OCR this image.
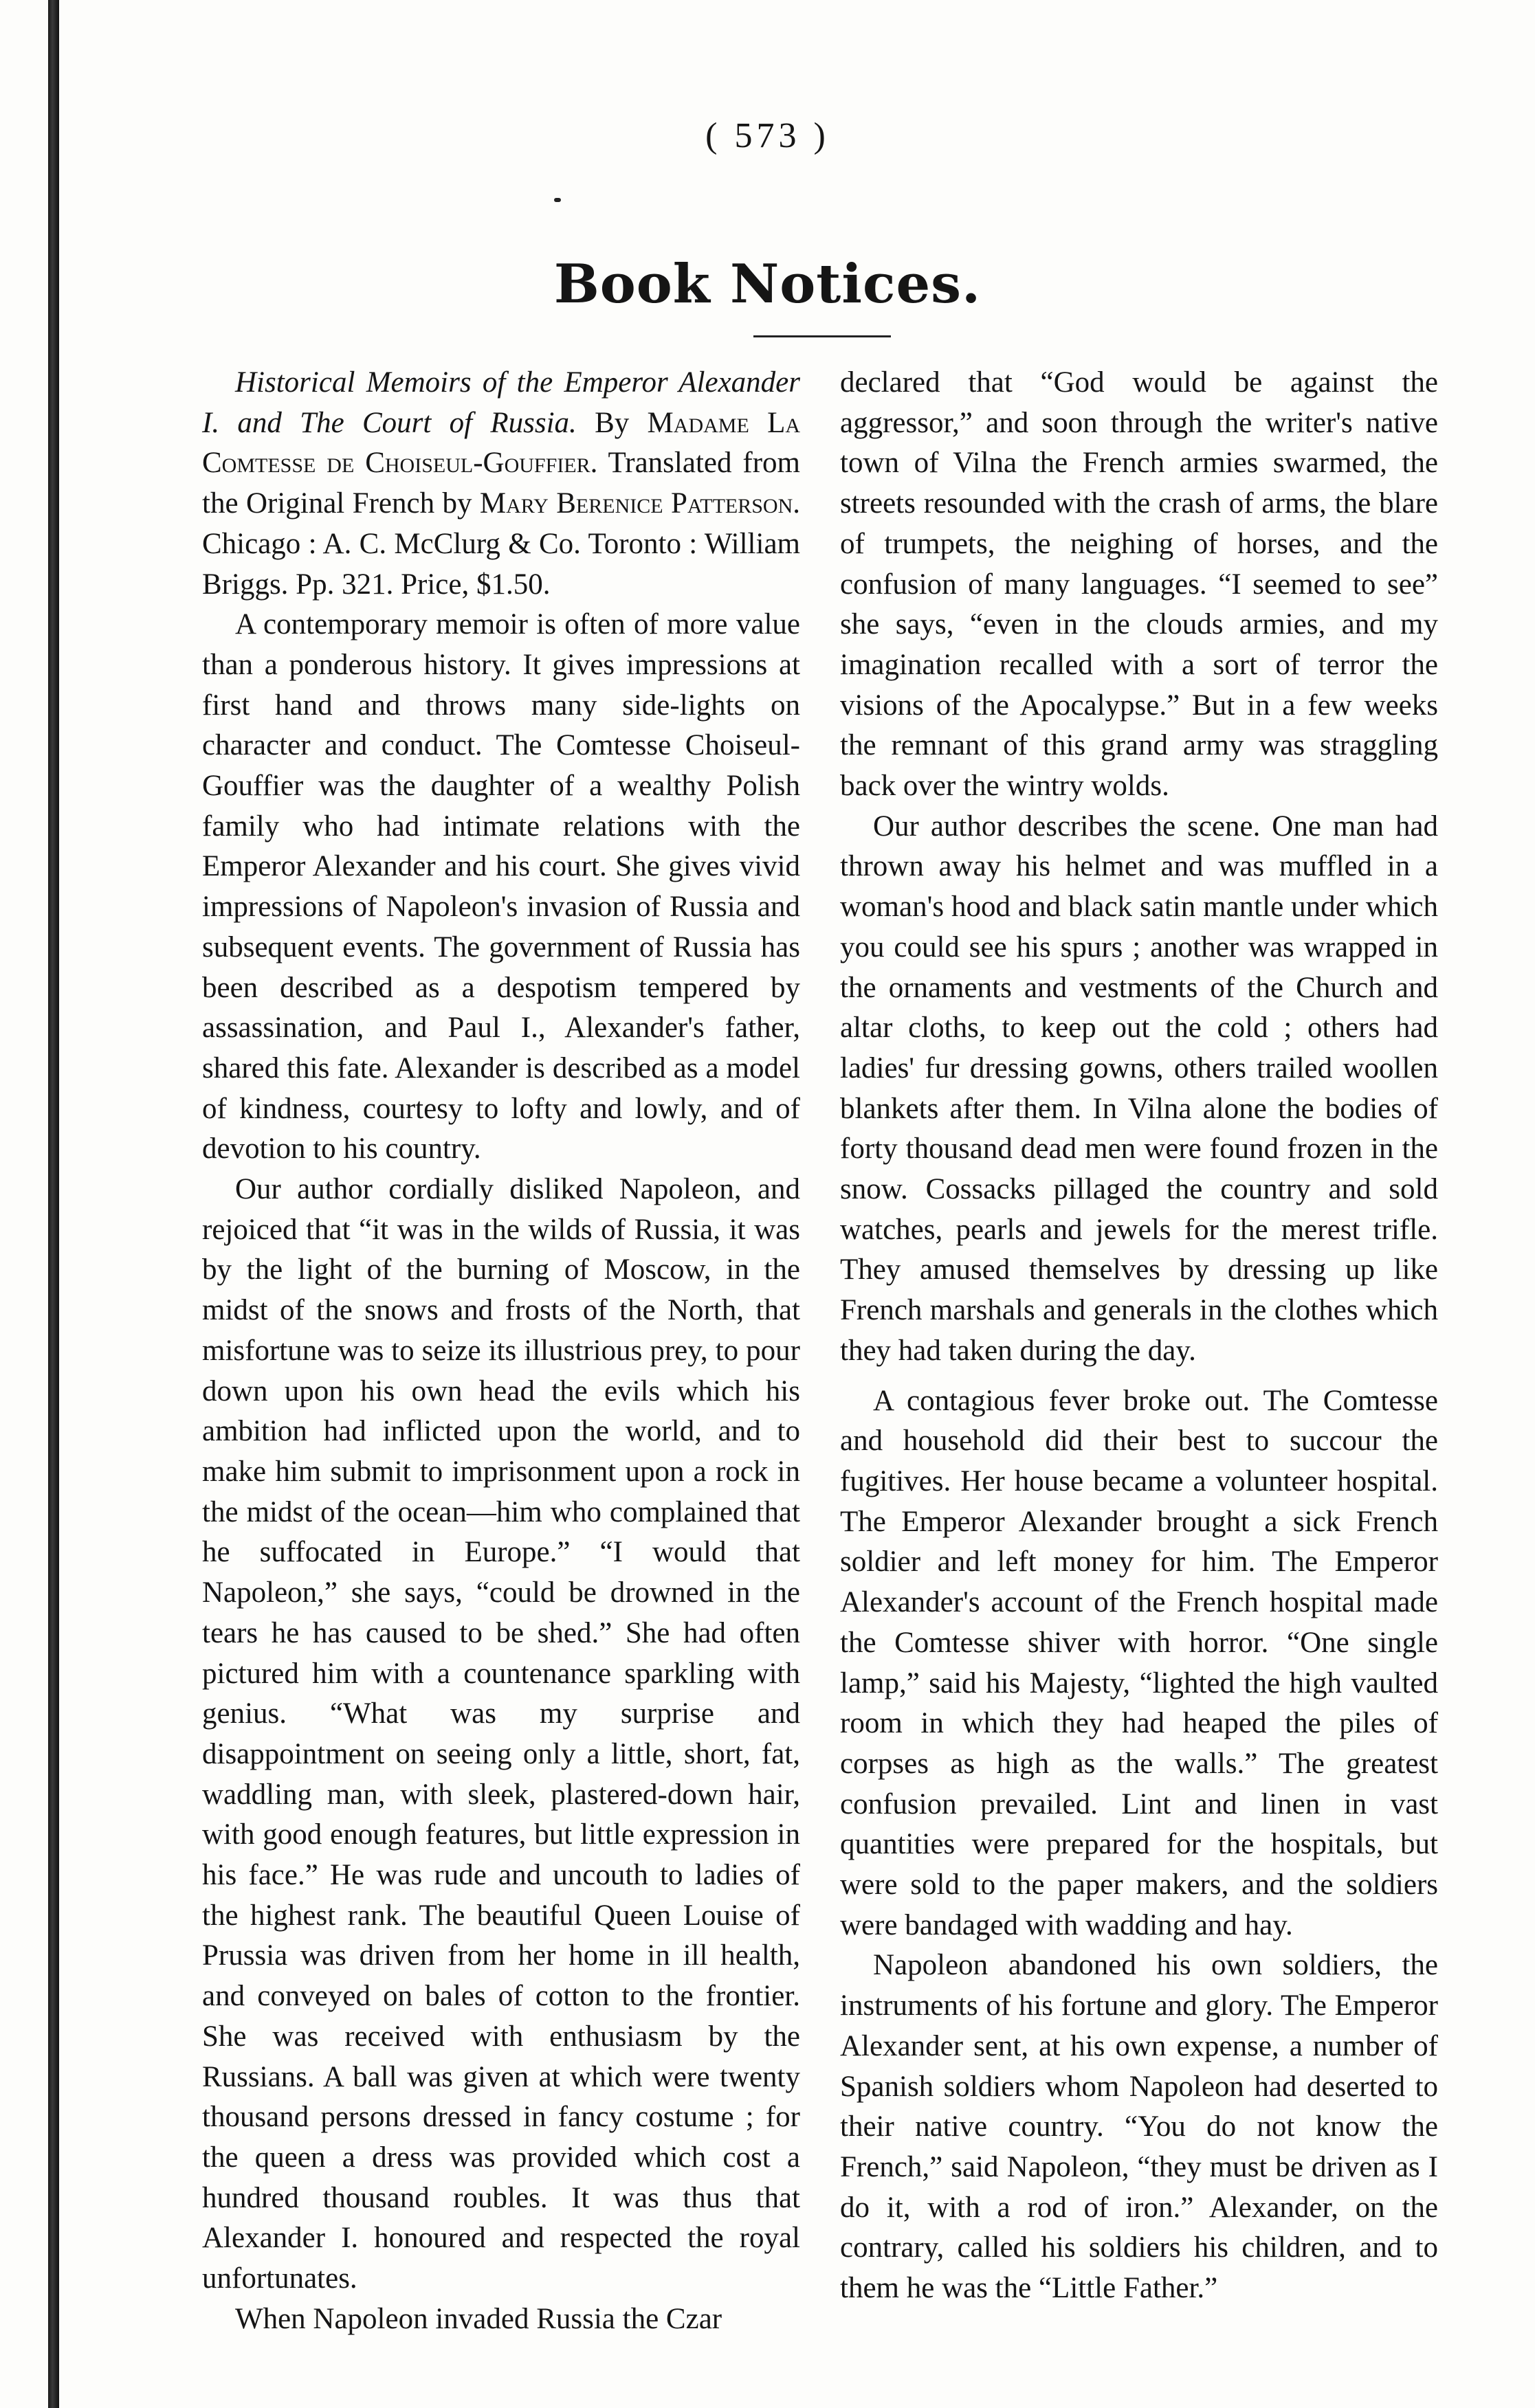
( 573 )
Book Notices.

Historical Memoirs of the Emperor Alexander I. and The Court of Russia. By Madame La Comtesse de Choiseul-Gouffier. Translated from the Original French by Mary Berenice Patterson. Chicago : A. C. McClurg & Co. Toronto : William Briggs. Pp. 321. Price, $1.50.

A contemporary memoir is often of more value than a ponderous history. It gives impressions at first hand and throws many side-lights on character and conduct. The Comtesse Choiseul-Gouffier was the daughter of a wealthy Polish family who had intimate relations with the Emperor Alexander and his court. She gives vivid impressions of Napoleon's invasion of Russia and subsequent events. The government of Russia has been described as a despotism tempered by assassination, and Paul I., Alexander's father, shared this fate. Alexander is described as a model of kindness, courtesy to lofty and lowly, and of devotion to his country.

Our author cordially disliked Napoleon, and rejoiced that “it was in the wilds of Russia, it was by the light of the burning of Moscow, in the midst of the snows and frosts of the North, that misfortune was to seize its illustrious prey, to pour down upon his own head the evils which his ambition had inflicted upon the world, and to make him submit to imprisonment upon a rock in the midst of the ocean—him who complained that he suffocated in Europe.” “I would that Napoleon,” she says, “could be drowned in the tears he has caused to be shed.” She had often pictured him with a countenance sparkling with genius. “What was my surprise and disappointment on seeing only a little, short, fat, waddling man, with sleek, plastered-down hair, with good enough features, but little expression in his face.” He was rude and uncouth to ladies of the highest rank. The beautiful Queen Louise of Prussia was driven from her home in ill health, and conveyed on bales of cotton to the frontier. She was received with enthusiasm by the Russians. A ball was given at which were twenty thousand persons dressed in fancy costume ; for the queen a dress was provided which cost a hundred thousand roubles. It was thus that Alexander I. honoured and respected the royal unfortunates.

When Napoleon invaded Russia the Czar

declared that “God would be against the aggressor,” and soon through the writer's native town of Vilna the French armies swarmed, the streets resounded with the crash of arms, the blare of trumpets, the neighing of horses, and the confusion of many languages. “I seemed to see” she says, “even in the clouds armies, and my imagination recalled with a sort of terror the visions of the Apocalypse.” But in a few weeks the remnant of this grand army was straggling back over the wintry wolds.

Our author describes the scene. One man had thrown away his helmet and was muffled in a woman's hood and black satin mantle under which you could see his spurs ; another was wrapped in the ornaments and vestments of the Church and altar cloths, to keep out the cold ; others had ladies' fur dressing gowns, others trailed woollen blankets after them. In Vilna alone the bodies of forty thousand dead men were found frozen in the snow. Cossacks pillaged the country and sold watches, pearls and jewels for the merest trifle. They amused themselves by dressing up like French marshals and generals in the clothes which they had taken during the day.

A contagious fever broke out. The Comtesse and household did their best to succour the fugitives. Her house became a volunteer hospital. The Emperor Alexander brought a sick French soldier and left money for him. The Emperor Alexander's account of the French hospital made the Comtesse shiver with horror. “One single lamp,” said his Majesty, “lighted the high vaulted room in which they had heaped the piles of corpses as high as the walls.” The greatest confusion prevailed. Lint and linen in vast quantities were prepared for the hospitals, but were sold to the paper makers, and the soldiers were bandaged with wadding and hay.

Napoleon abandoned his own soldiers, the instruments of his fortune and glory. The Emperor Alexander sent, at his own expense, a number of Spanish soldiers whom Napoleon had deserted to their native country. “You do not know the French,” said Napoleon, “they must be driven as I do it, with a rod of iron.” Alexander, on the contrary, called his soldiers his children, and to them he was the “Little Father.”
